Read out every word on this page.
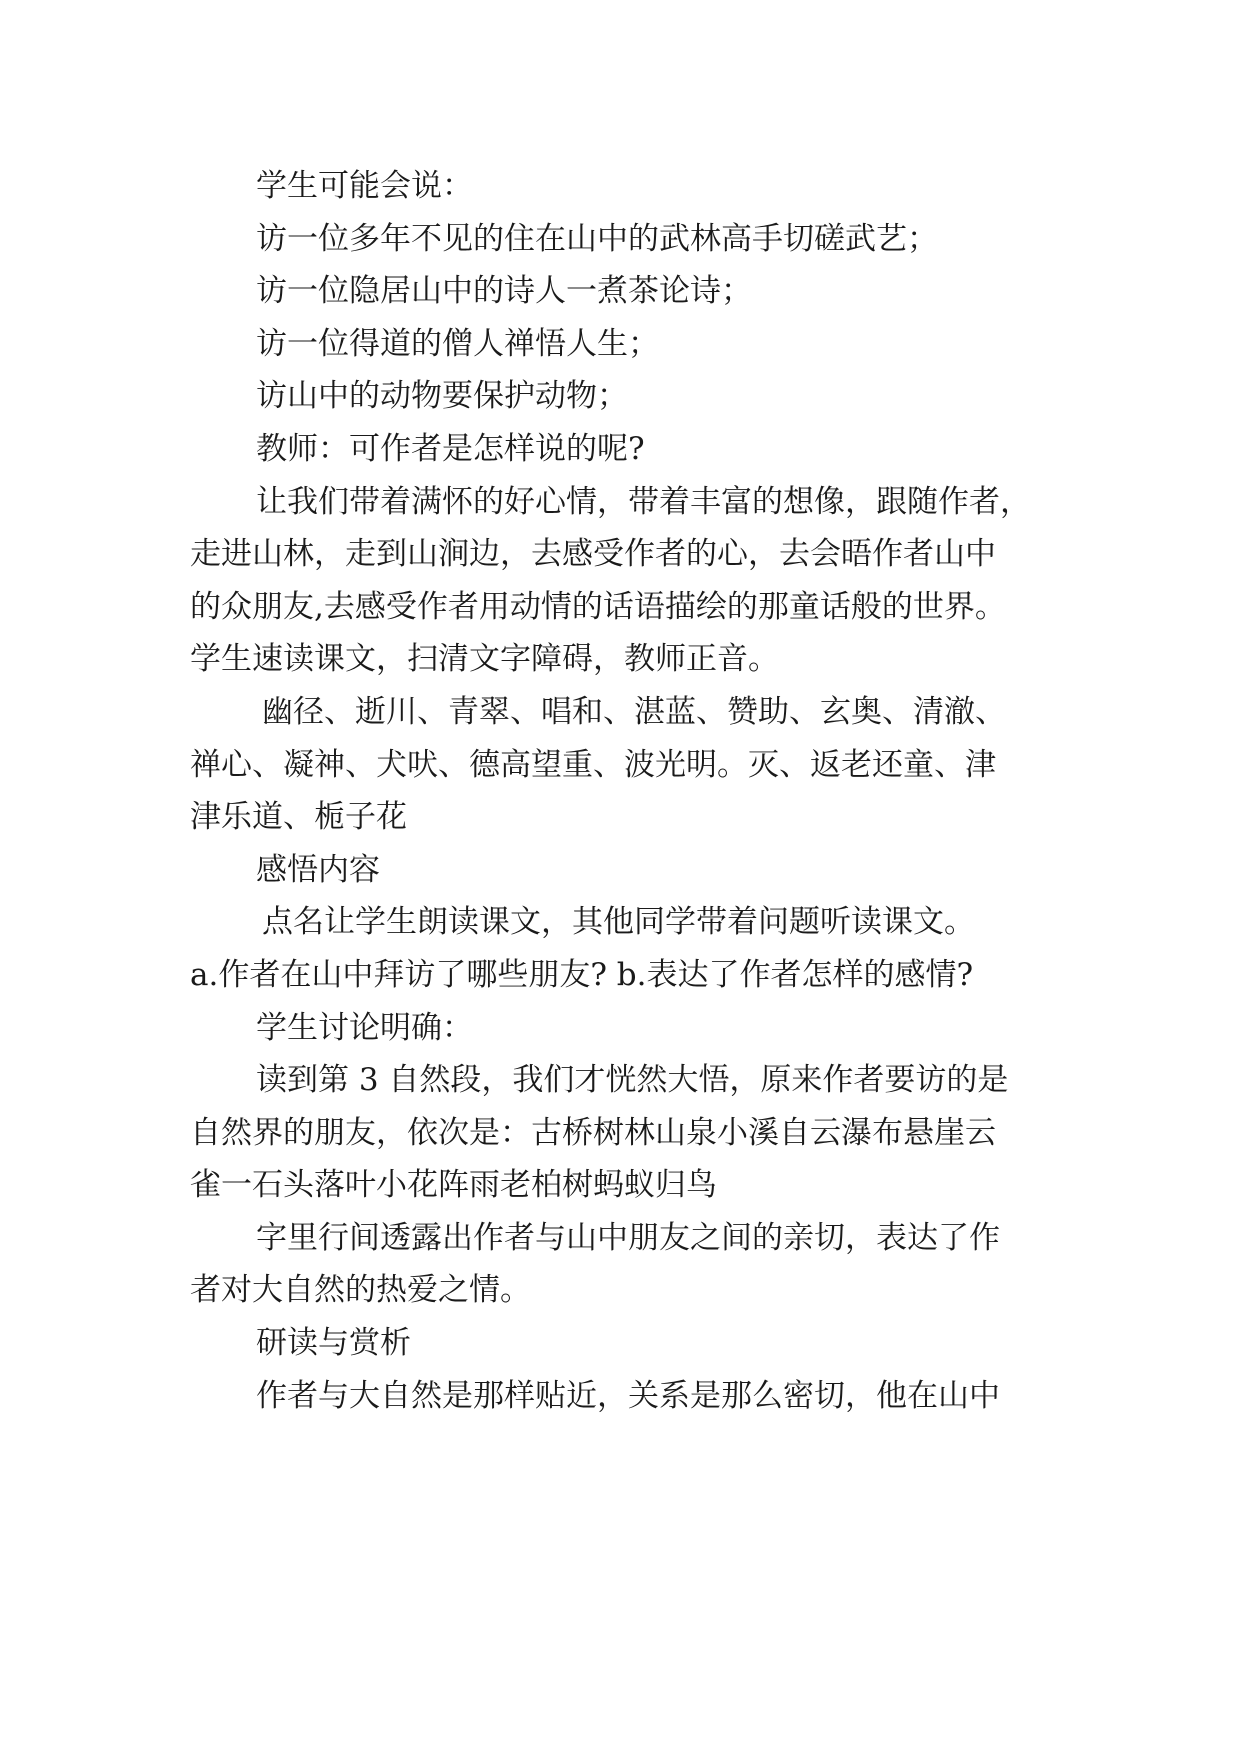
学生可能会说：
访一位多年不见的住在山中的武林高手切磋武艺；
访一位隐居山中的诗人一煮茶论诗；
访一位得道的僧人禅悟人生；
访山中的动物要保护动物；
教师：可作者是怎样说的呢?
让我们带着满怀的好心情，带着丰富的想像，跟随作者，
走进山林，走到山涧边，去感受作者的心，去会晤作者山中
的众朋友,去感受作者用动情的话语描绘的那童话般的世界。
学生速读课文，扫清文字障碍，教师正音。
幽径、逝川、青翠、唱和、湛蓝、赞助、玄奥、清澈、
禅心、凝神、犬吠、德高望重、波光明。灭、返老还童、津
津乐道、栀子花
感悟内容
点名让学生朗读课文，其他同学带着问题听读课文。
a.作者在山中拜访了哪些朋友? b.表达了作者怎样的感情?
学生讨论明确：
读到第 3 自然段，我们才恍然大悟，原来作者要访的是
自然界的朋友，依次是：古桥树林山泉小溪自云瀑布悬崖云
雀一石头落叶小花阵雨老柏树蚂蚁归鸟
字里行间透露出作者与山中朋友之间的亲切，表达了作
者对大自然的热爱之情。
研读与赏析
作者与大自然是那样贴近，关系是那么密切，他在山中
